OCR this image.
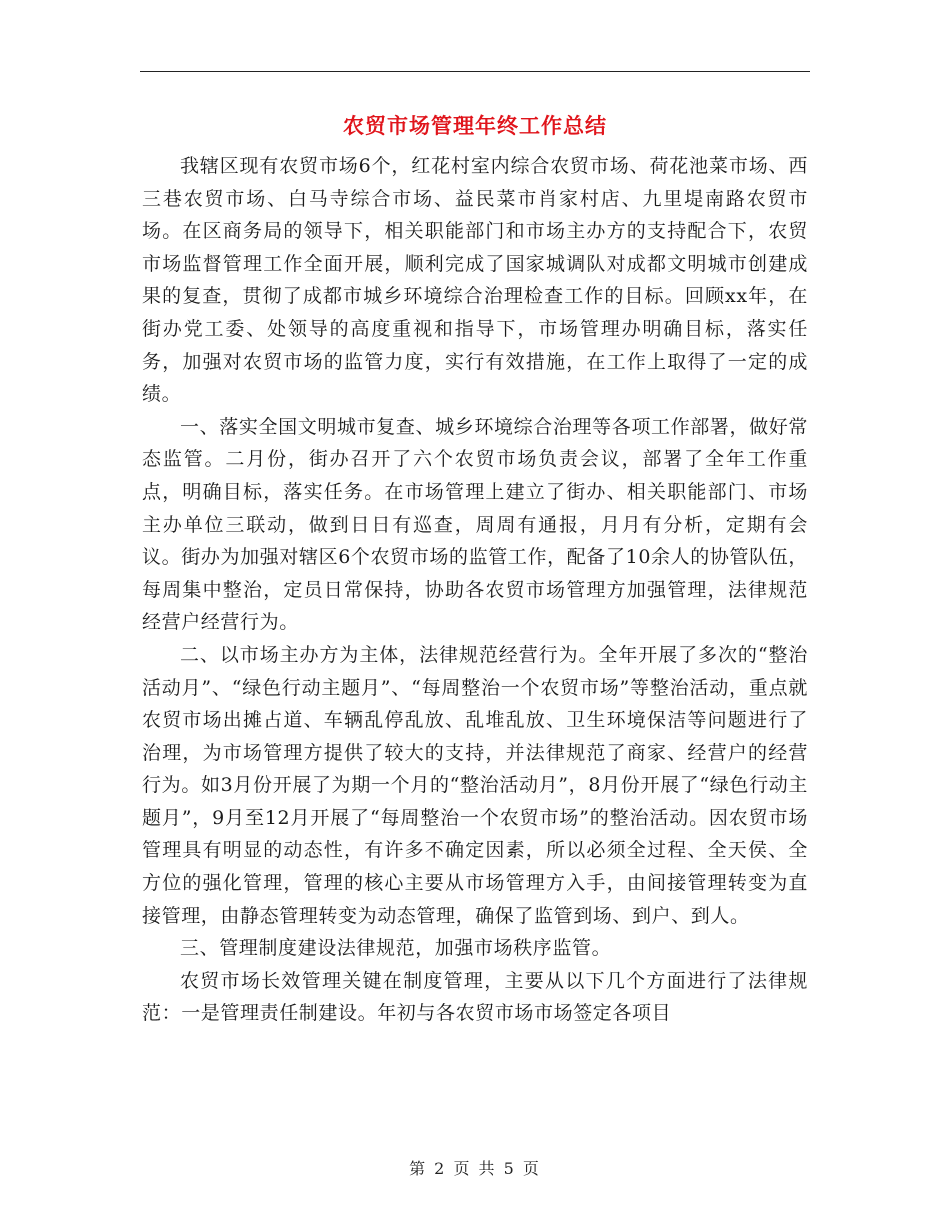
农贸市场管理年终工作总结

我辖区现有农贸市场6个，红花村室内综合农贸市场、荷花池菜市场、西三巷农贸市场、白马寺综合市场、益民菜市肖家村店、九里堤南路农贸市场。在区商务局的领导下，相关职能部门和市场主办方的支持配合下，农贸市场监督管理工作全面开展，顺利完成了国家城调队对成都文明城市创建成果的复查，贯彻了成都市城乡环境综合治理检查工作的目标。回顾xx年，在街办党工委、处领导的高度重视和指导下，市场管理办明确目标，落实任务，加强对农贸市场的监管力度，实行有效措施，在工作上取得了一定的成绩。

一、落实全国文明城市复查、城乡环境综合治理等各项工作部署，做好常态监管。二月份，街办召开了六个农贸市场负责会议，部署了全年工作重点，明确目标，落实任务。在市场管理上建立了街办、相关职能部门、市场主办单位三联动，做到日日有巡查，周周有通报，月月有分析，定期有会议。街办为加强对辖区6个农贸市场的监管工作，配备了10余人的协管队伍，每周集中整治，定员日常保持，协助各农贸市场管理方加强管理，法律规范经营户经营行为。

二、以市场主办方为主体，法律规范经营行为。全年开展了多次的“整治活动月”、“绿色行动主题月”、“每周整治一个农贸市场”等整治活动，重点就农贸市场出摊占道、车辆乱停乱放、乱堆乱放、卫生环境保洁等问题进行了治理，为市场管理方提供了较大的支持，并法律规范了商家、经营户的经营行为。如3月份开展了为期一个月的“整治活动月”，8月份开展了“绿色行动主题月”，9月至12月开展了“每周整治一个农贸市场”的整治活动。因农贸市场管理具有明显的动态性，有许多不确定因素，所以必须全过程、全天侯、全方位的强化管理，管理的核心主要从市场管理方入手，由间接管理转变为直接管理，由静态管理转变为动态管理，确保了监管到场、到户、到人。

三、管理制度建设法律规范，加强市场秩序监管。

农贸市场长效管理关键在制度管理，主要从以下几个方面进行了法律规范：一是管理责任制建设。年初与各农贸市场市场签定各项目

第 2 页 共 5 页
